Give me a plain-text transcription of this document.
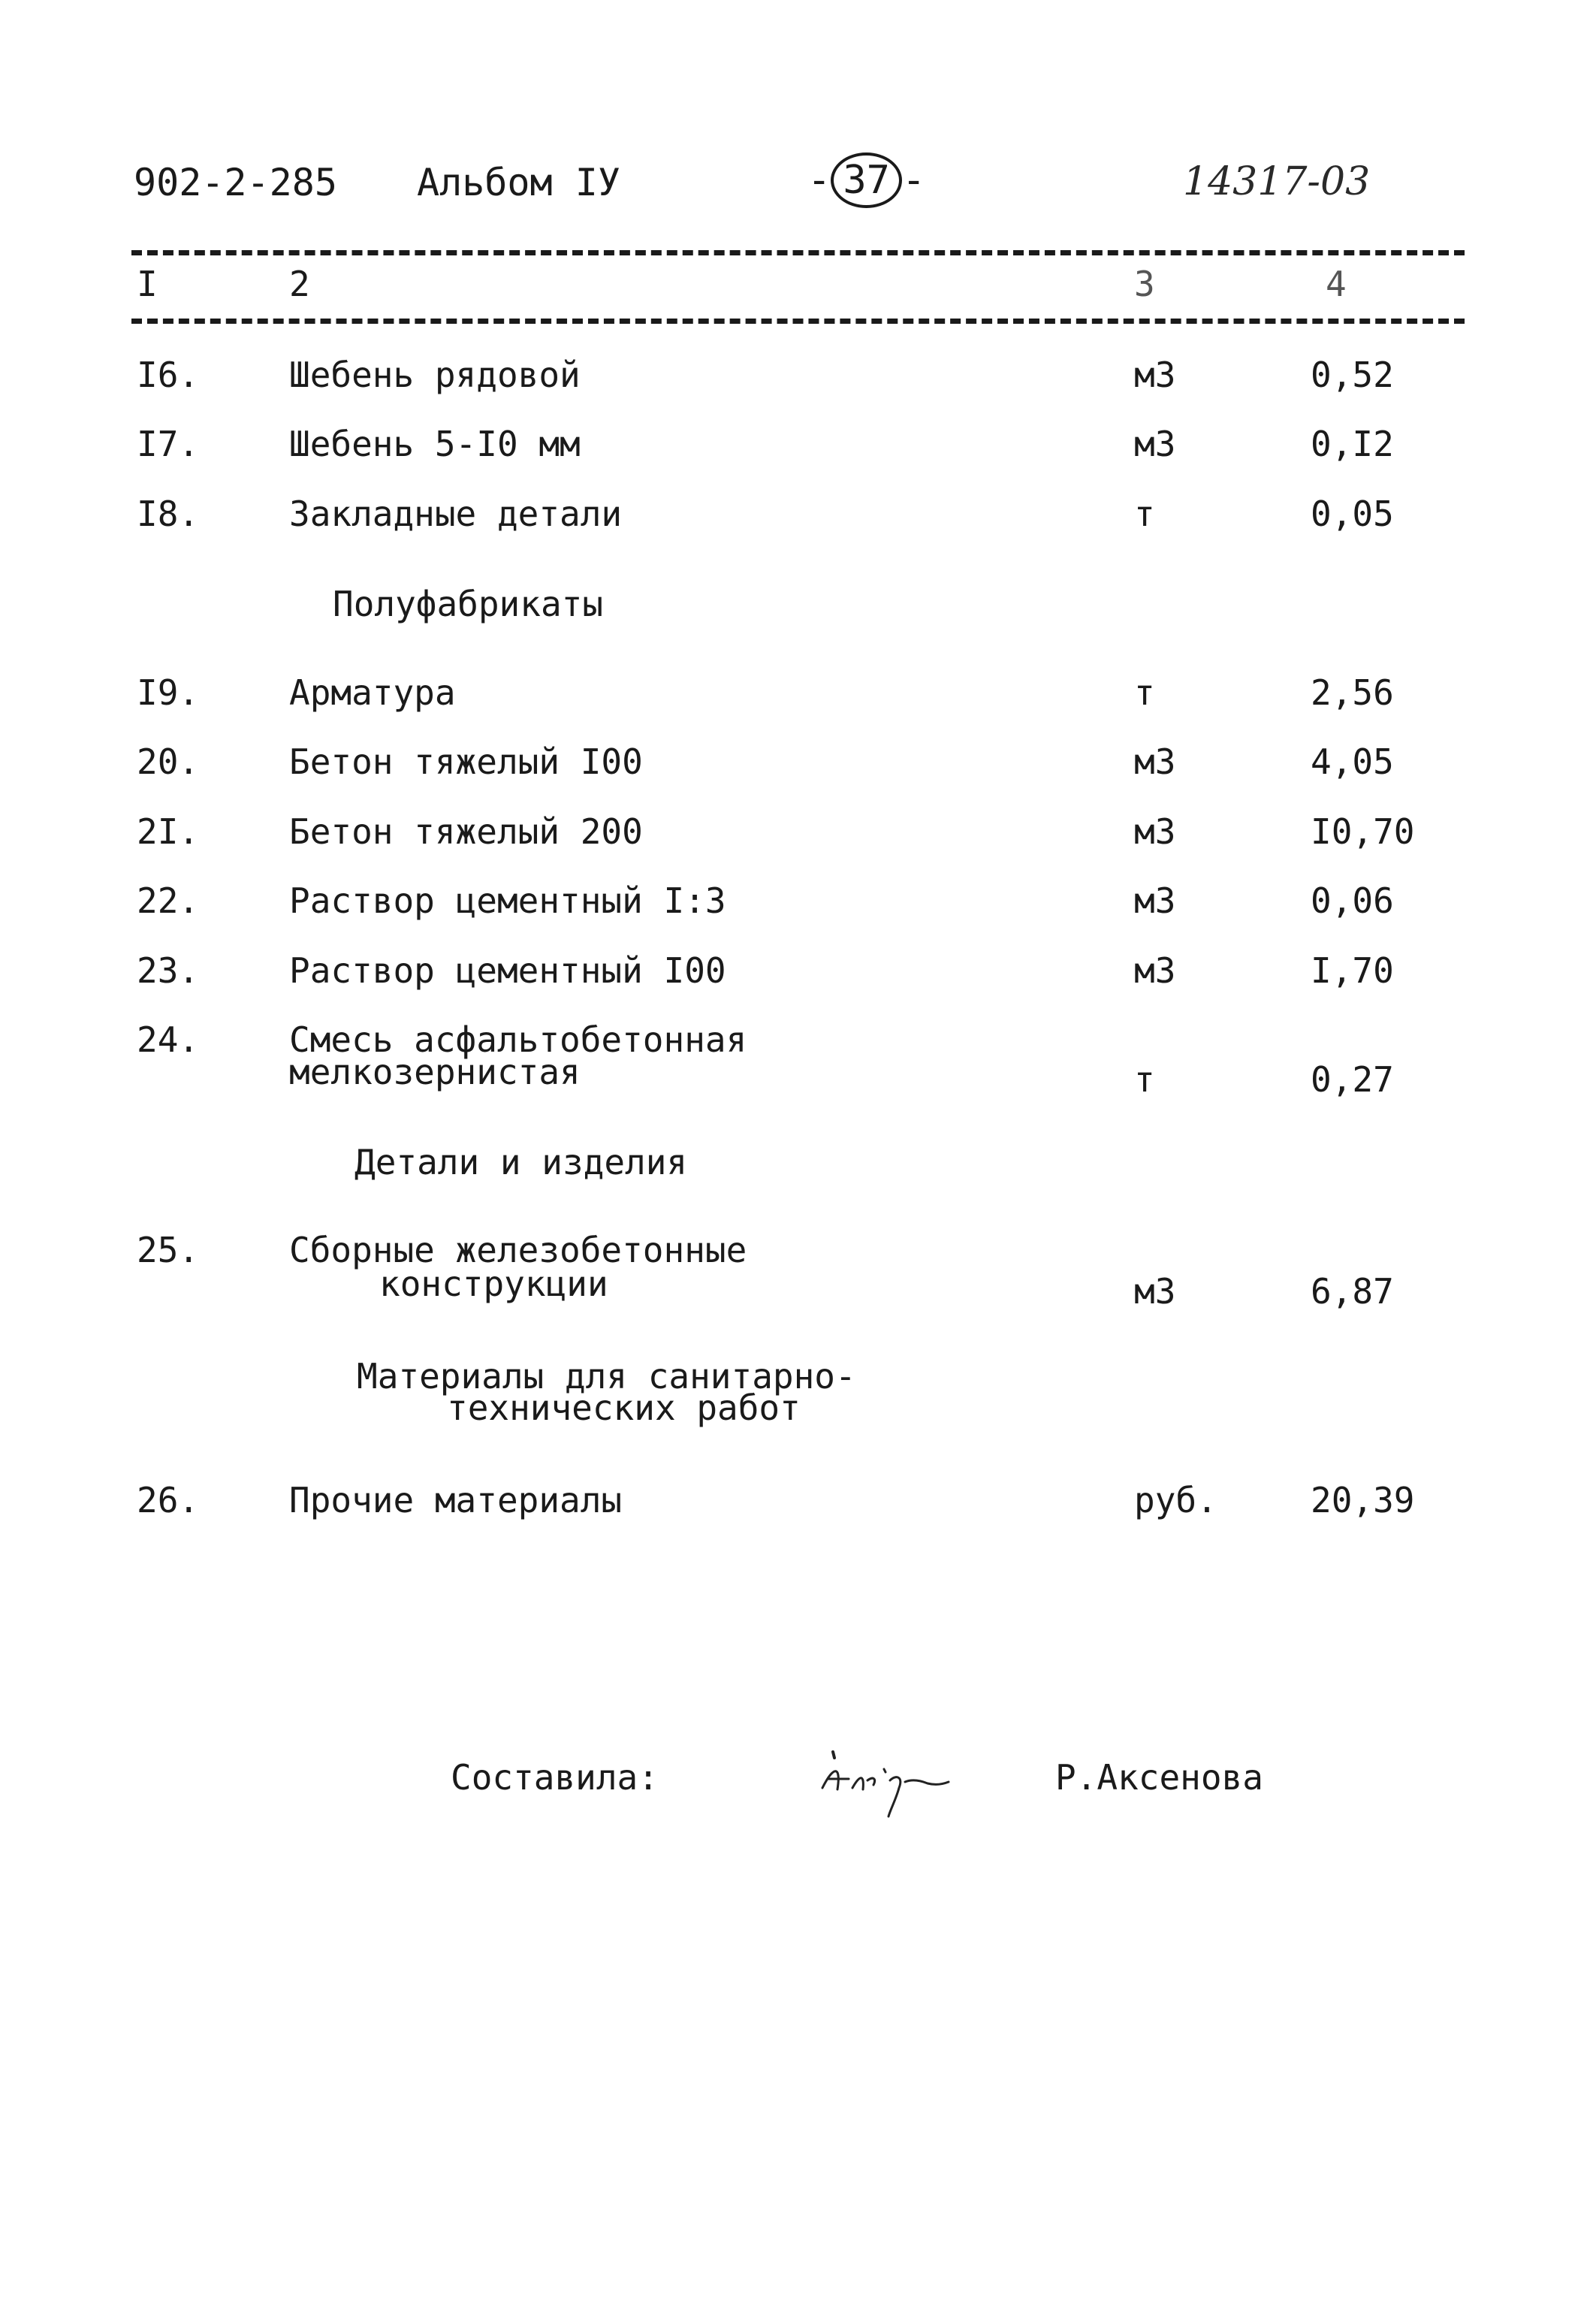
902-2-285 Альбом IУ	- 37 -	14317-03
I	2	3	4
I6.	Шебень рядовой	м3	0,52
I7.	Шебень 5-I0 мм	м3	0,I2
I8.	Закладные детали	т	0,05
Полуфабрикаты
I9.	Арматура	т	2,56
20.	Бетон тяжелый I00	м3	4,05
2I.	Бетон тяжелый 200	м3	I0,70
22.	Раствор цементный I:3	м3	0,06
23.	Раствор цементный I00	м3	I,70
24.	Смесь асфальтобетонная
мелкозернистая	т	0,27
Детали и изделия
25.	Сборные железобетонные
конструкции	м3	6,87
Материалы для санитарно-
технических работ
26.	Прочие материалы	руб.	20,39
Составила:	Р.Аксенова
